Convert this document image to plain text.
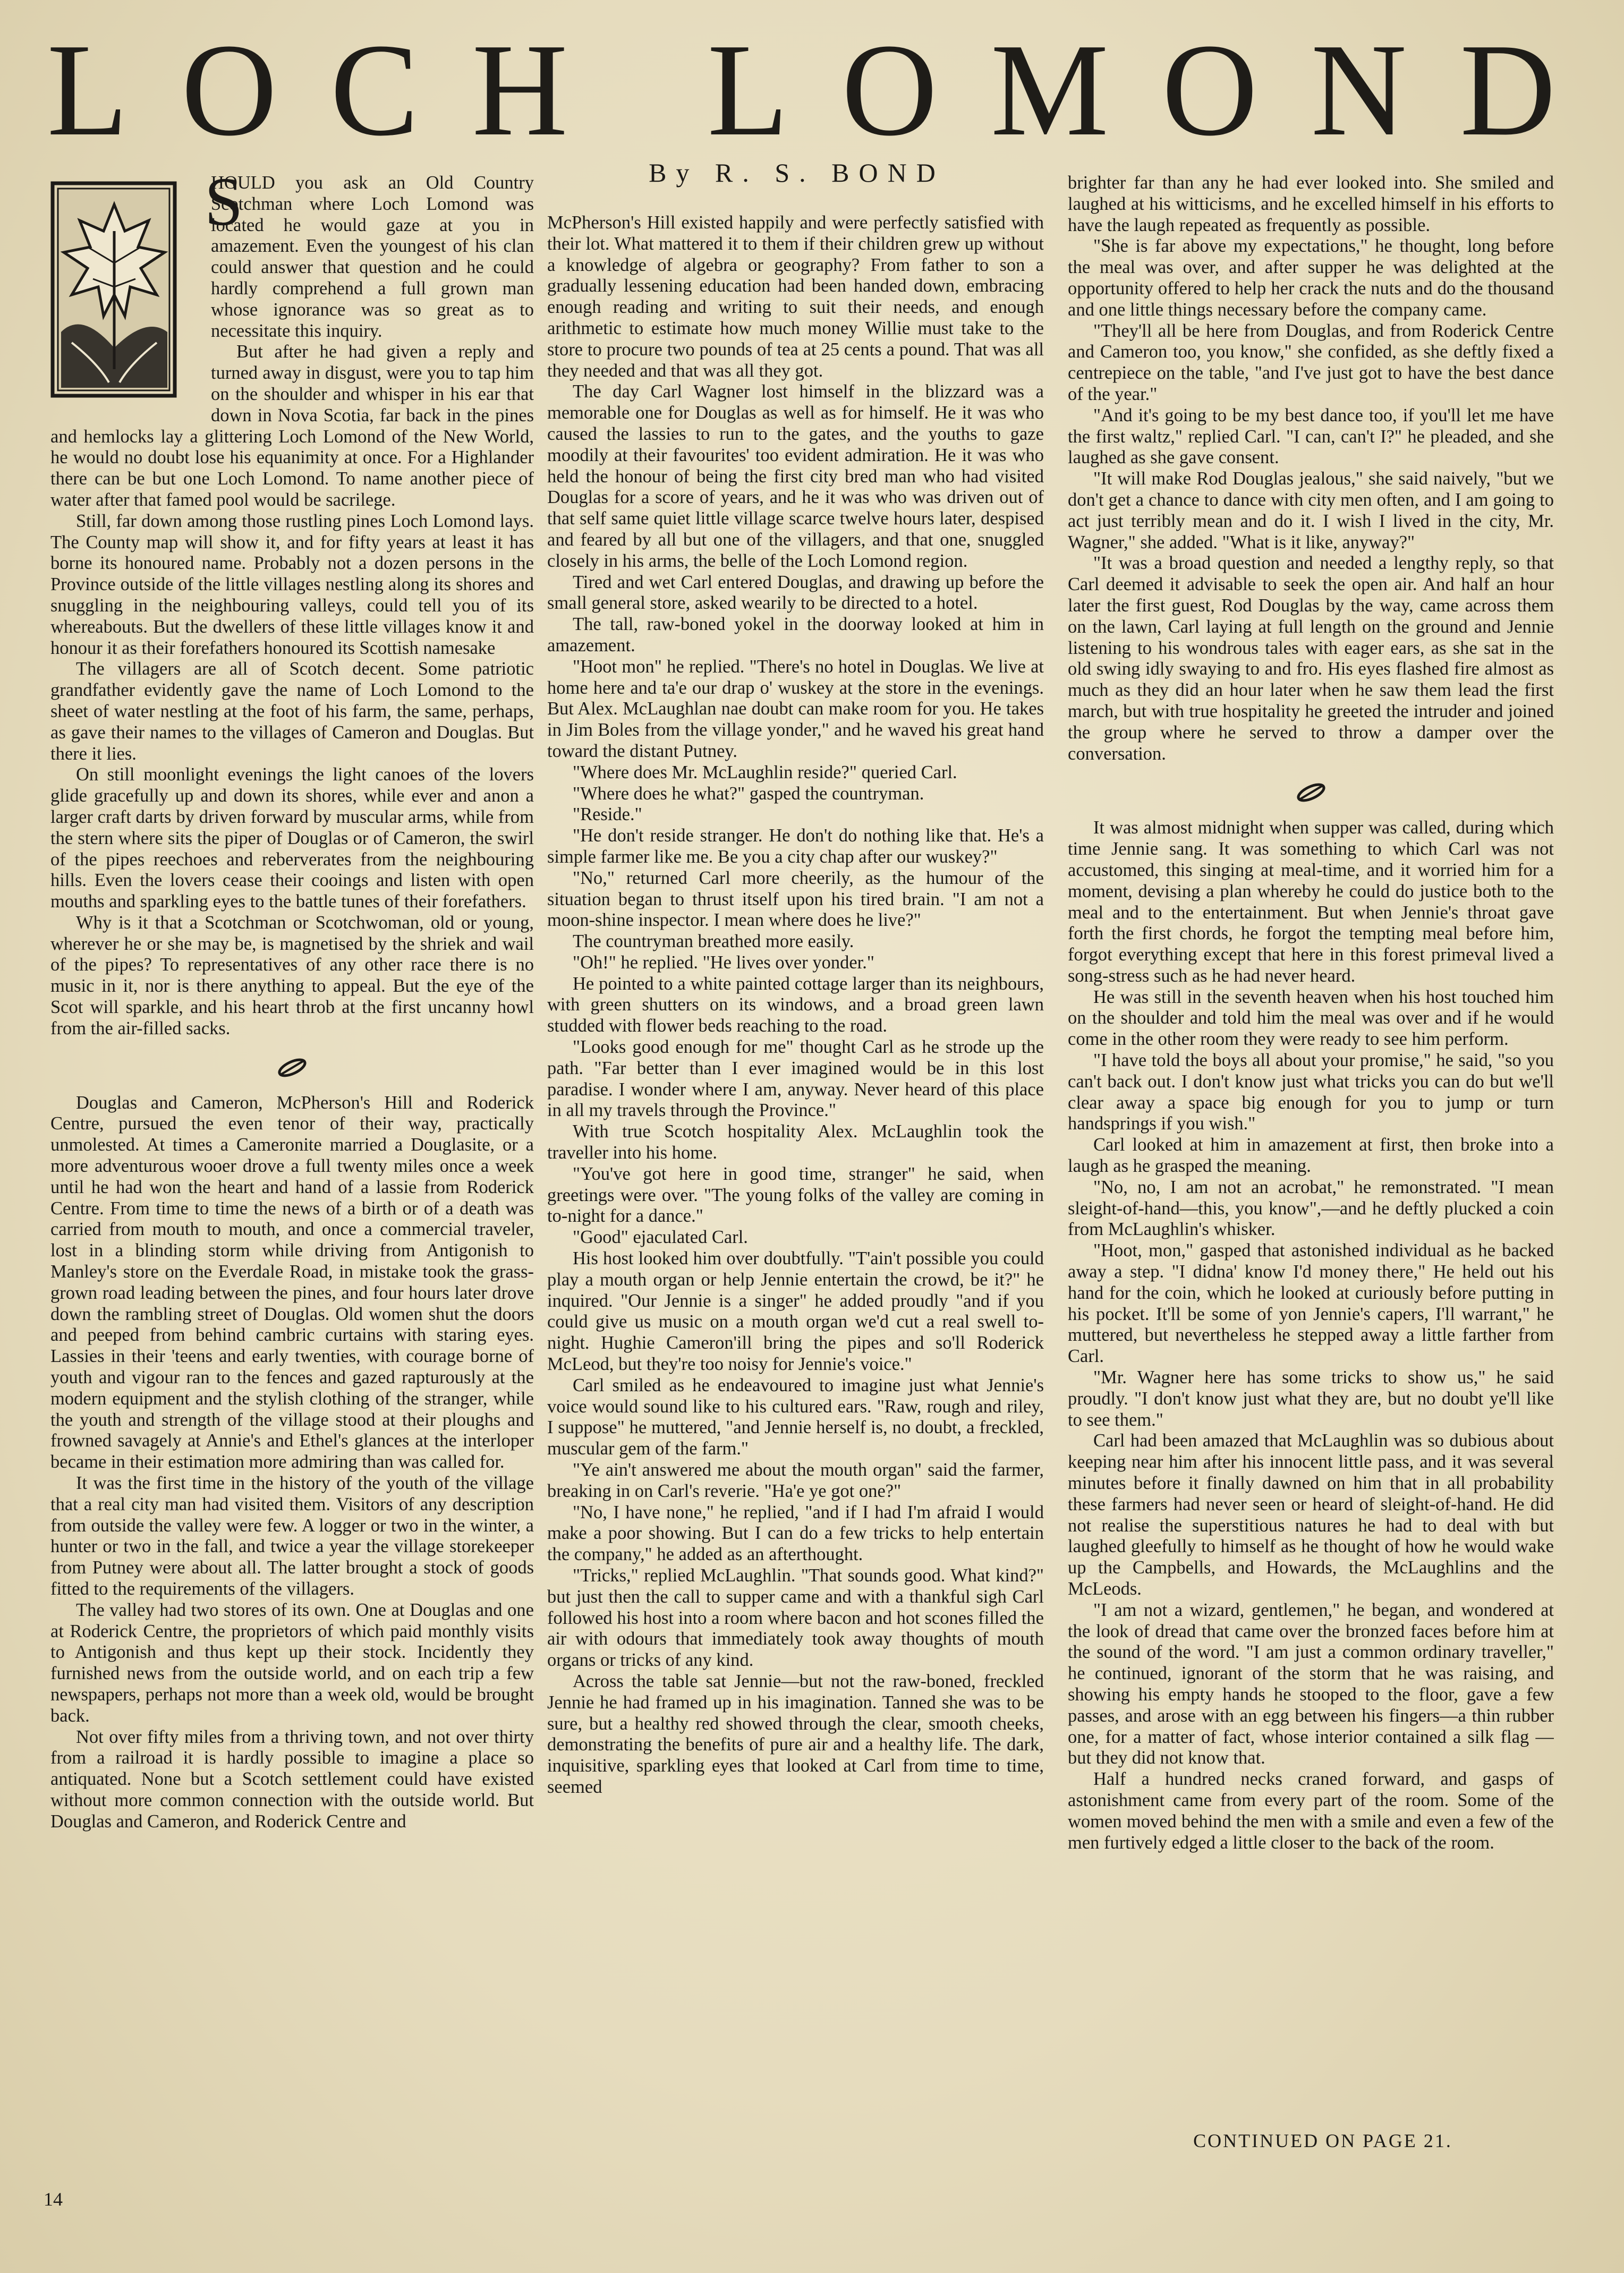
LOCH LOMOND
By R. S. BOND
S

HOULD you ask an Old Country Scotchman where Loch Lomond was located he would gaze at you in amazement. Even the youngest of his clan could answer that question and he could hardly comprehend a full grown man whose ignorance was so great as to necessitate this inquiry.

But after he had given a reply and turned away in disgust, were you to tap him on the shoulder and whisper in his ear that down in Nova Scotia, far back in the pines and hemlocks lay a glittering Loch Lomond of the New World, he would no doubt lose his equanimity at once. For a Highlander there can be but one Loch Lomond. To name another piece of water after that famed pool would be sacrilege.

Still, far down among those rustling pines Loch Lomond lays. The County map will show it, and for fifty years at least it has borne its honoured name. Probably not a dozen persons in the Province outside of the little villages nestling along its shores and snuggling in the neighbouring valleys, could tell you of its whereabouts. But the dwellers of these little villages know it and honour it as their forefathers honoured its Scottish namesake

The villagers are all of Scotch decent. Some patriotic grandfather evidently gave the name of Loch Lomond to the sheet of water nestling at the foot of his farm, the same, perhaps, as gave their names to the villages of Cameron and Douglas. But there it lies.

On still moonlight evenings the light canoes of the lovers glide gracefully up and down its shores, while ever and anon a larger craft darts by driven forward by muscular arms, while from the stern where sits the piper of Douglas or of Cameron, the swirl of the pipes reechoes and reberverates from the neighbouring hills. Even the lovers cease their cooings and listen with open mouths and sparkling eyes to the battle tunes of their forefathers.

Why is it that a Scotchman or Scotchwoman, old or young, wherever he or she may be, is magnetised by the shriek and wail of the pipes? To representatives of any other race there is no music in it, nor is there anything to appeal. But the eye of the Scot will sparkle, and his heart throb at the first uncanny howl from the air-filled sacks.

Douglas and Cameron, McPherson's Hill and Roderick Centre, pursued the even tenor of their way, practically unmolested. At times a Cameronite married a Douglasite, or a more adventurous wooer drove a full twenty miles once a week until he had won the heart and hand of a lassie from Roderick Centre. From time to time the news of a birth or of a death was carried from mouth to mouth, and once a commercial traveler, lost in a blinding storm while driving from Antigonish to Manley's store on the Everdale Road, in mistake took the grass-grown road leading between the pines, and four hours later drove down the rambling street of Douglas. Old women shut the doors and peeped from behind cambric curtains with staring eyes. Lassies in their 'teens and early twenties, with courage borne of youth and vigour ran to the fences and gazed rapturously at the modern equipment and the stylish clothing of the stranger, while the youth and strength of the village stood at their ploughs and frowned savagely at Annie's and Ethel's glances at the interloper became in their estimation more admiring than was called for.

It was the first time in the history of the youth of the village that a real city man had visited them. Visitors of any description from outside the valley were few. A logger or two in the winter, a hunter or two in the fall, and twice a year the village storekeeper from Putney were about all. The latter brought a stock of goods fitted to the requirements of the villagers.

The valley had two stores of its own. One at Douglas and one at Roderick Centre, the proprietors of which paid monthly visits to Antigonish and thus kept up their stock. Incidently they furnished news from the outside world, and on each trip a few newspapers, perhaps not more than a week old, would be brought back.

Not over fifty miles from a thriving town, and not over thirty from a railroad it is hardly possible to imagine a place so antiquated. None but a Scotch settlement could have existed without more common connection with the outside world. But Douglas and Cameron, and Roderick Centre and

McPherson's Hill existed happily and were perfectly satisfied with their lot. What mattered it to them if their children grew up without a knowledge of algebra or geography? From father to son a gradually lessening education had been handed down, embracing enough reading and writing to suit their needs, and enough arithmetic to estimate how much money Willie must take to the store to procure two pounds of tea at 25 cents a pound. That was all they needed and that was all they got.

The day Carl Wagner lost himself in the blizzard was a memorable one for Douglas as well as for himself. He it was who caused the lassies to run to the gates, and the youths to gaze moodily at their favourites' too evident admiration. He it was who held the honour of being the first city bred man who had visited Douglas for a score of years, and he it was who was driven out of that self same quiet little village scarce twelve hours later, despised and feared by all but one of the villagers, and that one, snuggled closely in his arms, the belle of the Loch Lomond region.

Tired and wet Carl entered Douglas, and drawing up before the small general store, asked wearily to be directed to a hotel.

The tall, raw-boned yokel in the doorway looked at him in amazement.

"Hoot mon" he replied. "There's no hotel in Douglas. We live at home here and ta'e our drap o' wuskey at the store in the evenings. But Alex. McLaughlan nae doubt can make room for you. He takes in Jim Boles from the village yonder," and he waved his great hand toward the distant Putney.

"Where does Mr. McLaughlin reside?" queried Carl.

"Where does he what?" gasped the countryman.

"Reside."

"He don't reside stranger. He don't do nothing like that. He's a simple farmer like me. Be you a city chap after our wuskey?"

"No," returned Carl more cheerily, as the humour of the situation began to thrust itself upon his tired brain. "I am not a moon-shine inspector. I mean where does he live?"

The countryman breathed more easily.

"Oh!" he replied. "He lives over yonder."

He pointed to a white painted cottage larger than its neighbours, with green shutters on its windows, and a broad green lawn studded with flower beds reaching to the road.

"Looks good enough for me" thought Carl as he strode up the path. "Far better than I ever imagined would be in this lost paradise. I wonder where I am, anyway. Never heard of this place in all my travels through the Province."

With true Scotch hospitality Alex. McLaughlin took the traveller into his home.

"You've got here in good time, stranger" he said, when greetings were over. "The young folks of the valley are coming in to-night for a dance."

"Good" ejaculated Carl.

His host looked him over doubtfully. "T'ain't possible you could play a mouth organ or help Jennie entertain the crowd, be it?" he inquired. "Our Jennie is a singer" he added proudly "and if you could give us music on a mouth organ we'd cut a real swell to-night. Hughie Cameron'ill bring the pipes and so'll Roderick McLeod, but they're too noisy for Jennie's voice."

Carl smiled as he endeavoured to imagine just what Jennie's voice would sound like to his cultured ears. "Raw, rough and riley, I suppose" he muttered, "and Jennie herself is, no doubt, a freckled, muscular gem of the farm."

"Ye ain't answered me about the mouth organ" said the farmer, breaking in on Carl's reverie. "Ha'e ye got one?"

"No, I have none," he replied, "and if I had I'm afraid I would make a poor showing. But I can do a few tricks to help entertain the company," he added as an afterthought.

"Tricks," replied McLaughlin. "That sounds good. What kind?" but just then the call to supper came and with a thankful sigh Carl followed his host into a room where bacon and hot scones filled the air with odours that immediately took away thoughts of mouth organs or tricks of any kind.

Across the table sat Jennie—but not the raw-boned, freckled Jennie he had framed up in his imagination. Tanned she was to be sure, but a healthy red showed through the clear, smooth cheeks, demonstrating the benefits of pure air and a healthy life. The dark, inquisitive, sparkling eyes that looked at Carl from time to time, seemed

brighter far than any he had ever looked into. She smiled and laughed at his witticisms, and he excelled himself in his efforts to have the laugh repeated as frequently as possible.

"She is far above my expectations," he thought, long before the meal was over, and after supper he was delighted at the opportunity offered to help her crack the nuts and do the thousand and one little things necessary before the company came.

"They'll all be here from Douglas, and from Roderick Centre and Cameron too, you know," she confided, as she deftly fixed a centrepiece on the table, "and I've just got to have the best dance of the year."

"And it's going to be my best dance too, if you'll let me have the first waltz," replied Carl. "I can, can't I?" he pleaded, and she laughed as she gave consent.

"It will make Rod Douglas jealous," she said naively, "but we don't get a chance to dance with city men often, and I am going to act just terribly mean and do it. I wish I lived in the city, Mr. Wagner," she added. "What is it like, anyway?"

"It was a broad question and needed a lengthy reply, so that Carl deemed it advisable to seek the open air. And half an hour later the first guest, Rod Douglas by the way, came across them on the lawn, Carl laying at full length on the ground and Jennie listening to his wondrous tales with eager ears, as she sat in the old swing idly swaying to and fro. His eyes flashed fire almost as much as they did an hour later when he saw them lead the first march, but with true hospitality he greeted the intruder and joined the group where he served to throw a damper over the conversation.

It was almost midnight when supper was called, during which time Jennie sang. It was something to which Carl was not accustomed, this singing at meal-time, and it worried him for a moment, devising a plan whereby he could do justice both to the meal and to the entertainment. But when Jennie's throat gave forth the first chords, he forgot the tempting meal before him, forgot everything except that here in this forest primeval lived a song-stress such as he had never heard.

He was still in the seventh heaven when his host touched him on the shoulder and told him the meal was over and if he would come in the other room they were ready to see him perform.

"I have told the boys all about your promise," he said, "so you can't back out. I don't know just what tricks you can do but we'll clear away a space big enough for you to jump or turn handsprings if you wish."

Carl looked at him in amazement at first, then broke into a laugh as he grasped the meaning.

"No, no, I am not an acrobat," he remonstrated. "I mean sleight-of-hand—this, you know",—and he deftly plucked a coin from McLaughlin's whisker.

"Hoot, mon," gasped that astonished individual as he backed away a step. "I didna' know I'd money there," He held out his hand for the coin, which he looked at curiously before putting in his pocket. It'll be some of yon Jennie's capers, I'll warrant," he muttered, but nevertheless he stepped away a little farther from Carl.

"Mr. Wagner here has some tricks to show us," he said proudly. "I don't know just what they are, but no doubt ye'll like to see them."

Carl had been amazed that McLaughlin was so dubious about keeping near him after his innocent little pass, and it was several minutes before it finally dawned on him that in all probability these farmers had never seen or heard of sleight-of-hand. He did not realise the superstitious natures he had to deal with but laughed gleefully to himself as he thought of how he would wake up the Campbells, and Howards, the McLaughlins and the McLeods.

"I am not a wizard, gentlemen," he began, and wondered at the look of dread that came over the bronzed faces before him at the sound of the word. "I am just a common ordinary traveller," he continued, ignorant of the storm that he was raising, and showing his empty hands he stooped to the floor, gave a few passes, and arose with an egg between his fingers—a thin rubber one, for a matter of fact, whose interior contained a silk flag —but they did not know that.

Half a hundred necks craned forward, and gasps of astonishment came from every part of the room. Some of the women moved behind the men with a smile and even a few of the men furtively edged a little closer to the back of the room.

CONTINUED ON PAGE 21.
14
